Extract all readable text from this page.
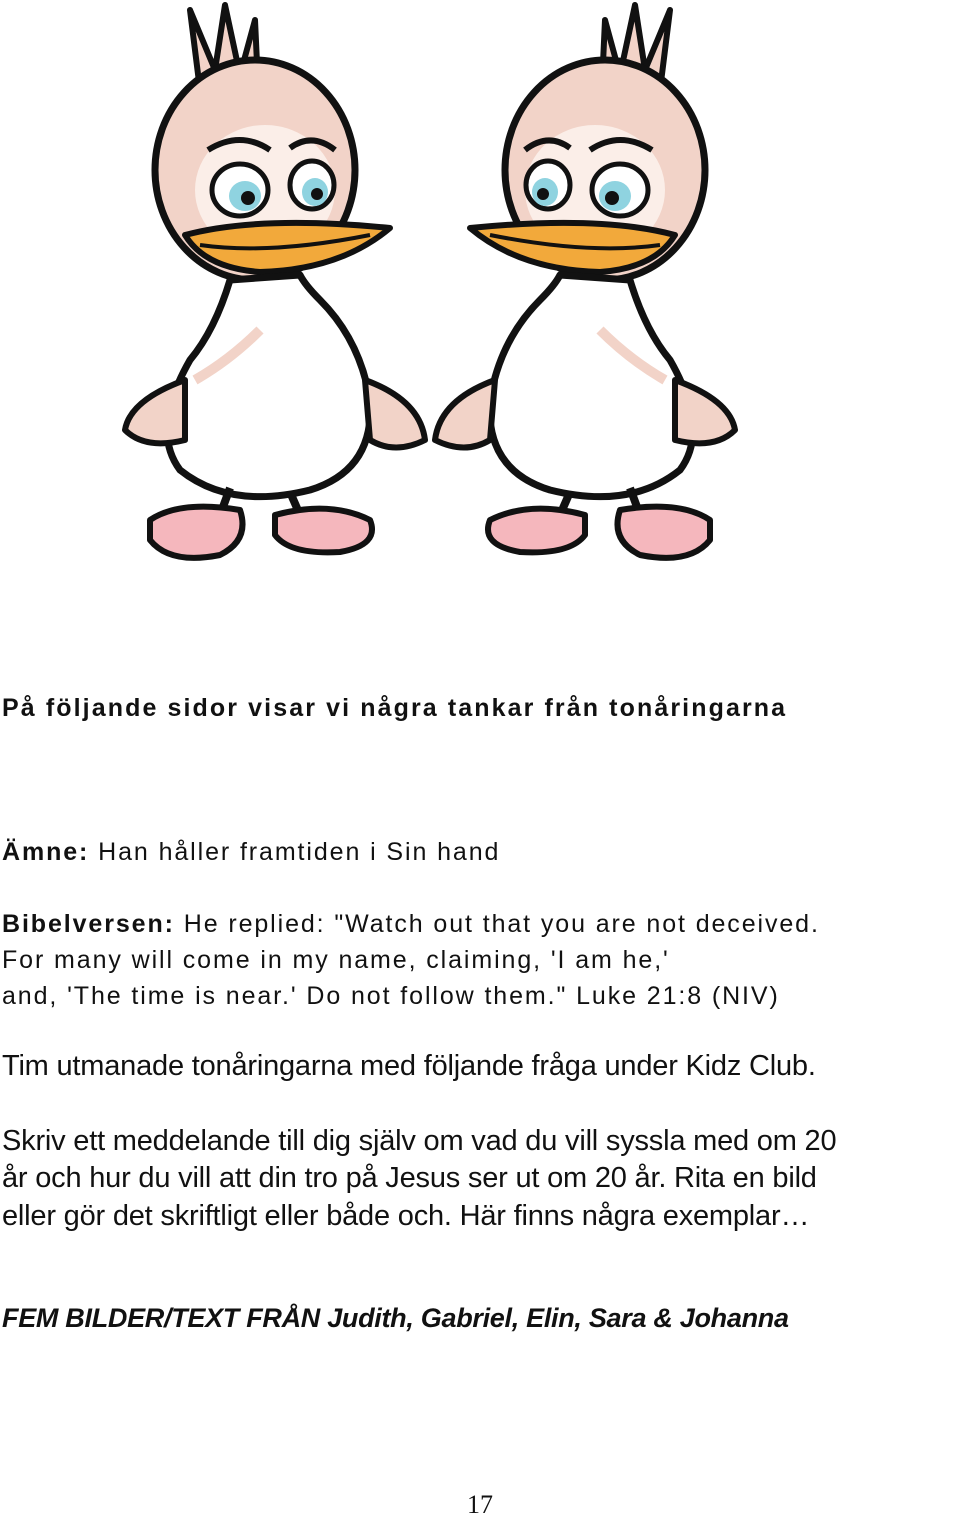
På följande sidor visar vi några tankar från tonåringarna
Ämne: Han håller framtiden i Sin hand
Bibelversen: He replied: "Watch out that you are not deceived.
For many will come in my name, claiming, 'I am he,'
and, 'The time is near.' Do not follow them." Luke 21:8 (NIV)
Tim utmanade tonåringarna med följande fråga under Kidz Club.
Skriv ett meddelande till dig själv om vad du vill syssla med om 20
år och hur du vill att din tro på Jesus ser ut om 20 år. Rita en bild
eller gör det skriftligt eller både och. Här finns några exemplar…
FEM BILDER/TEXT FRÅN Judith, Gabriel, Elin, Sara & Johanna
17
